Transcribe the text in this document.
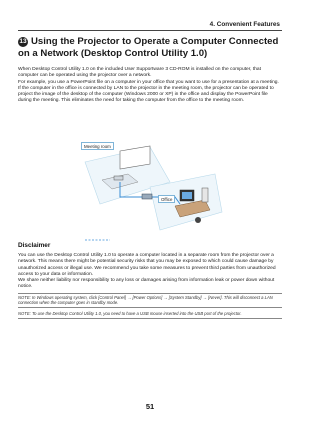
4. Convenient Features
13 Using the Projector to Operate a Computer Connected on a Network (Desktop Control Utility 1.0)

When Desktop Control Utility 1.0 on the included User Supportware 3 CD-ROM is installed on the computer, that computer can be operated using the projector over a network.

For example, you use a PowerPoint file on a computer in your office that you want to use for a presentation at a meeting. If the computer in the office is connected by LAN to the projector in the meeting room, the projector can be operated to project the image of the desktop of the computer (Windows 2000 or XP) in the office and display the PowerPoint file during the meeting. This eliminates the need for taking the computer from the office to the meeting room.

Meeting room
Office
Disclaimer

You can use the Desktop Control Utility 1.0 to operate a computer located in a separate room from the projector over a network. This means there might be potential security risks that you may be exposed to which could cause damage by unauthorized access or illegal use. We recommend you take some measures to prevent third parties from unauthorized access to your data or information.

We share neither liability nor responsibility to any loss or damages arising from information leak or power down without notice.

NOTE: In Windows operating system, click [Control Panel] → [Power Options] → [System Standby] → [Never]. This will disconnect a LAN connection when the computer goes in standby mode.
NOTE: To use the Desktop Control Utility 1.0, you need to have a USB mouse inserted into the USB port of the projector.
51
